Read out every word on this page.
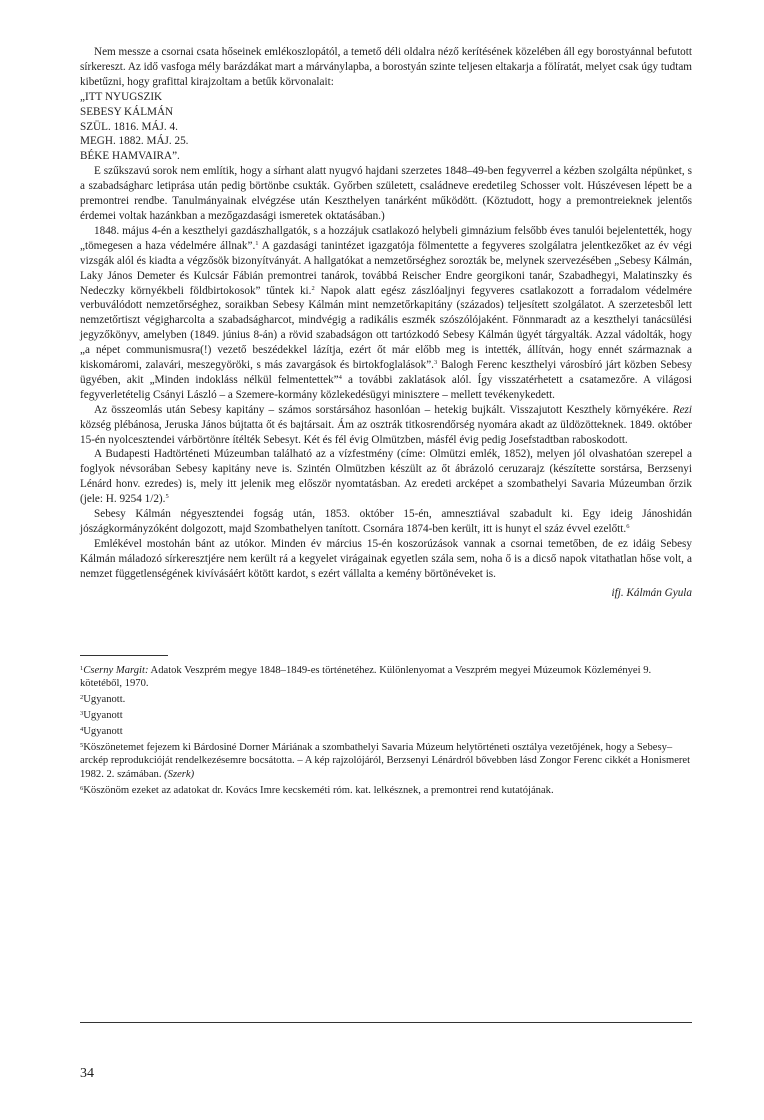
Nem messze a csornai csata hőseinek emlékoszlopától, a temető déli oldalra néző kerítésének közelében áll egy borostyánnal befutott sírkereszt. Az idő vasfoga mély barázdákat mart a márványlapba, a borostyán szinte teljesen eltakarja a fölíratát, melyet csak úgy tudtam kibetűzni, hogy grafittal kirajzoltam a betűk körvonalait:

„ITT NYUGSZIK

SEBESY KÁLMÁN

SZÜL. 1816. MÁJ. 4.

MEGH. 1882. MÁJ. 25.

BÉKE HAMVAIRA”.

E szűkszavú sorok nem említik, hogy a sírhant alatt nyugvó hajdani szerzetes 1848–49-ben fegyverrel a kézben szolgálta népünket, s a szabadságharc letiprása után pedig börtönbe csukták. Győrben született, családneve eredetileg Schosser volt. Húszévesen lépett be a premontrei rendbe. Tanulmányainak elvégzése után Keszthelyen tanárként működött. (Köztudott, hogy a premontreieknek jelentős érdemei voltak hazánkban a mezőgazdasági ismeretek oktatásában.)

1848. május 4-én a keszthelyi gazdászhallgatók, s a hozzájuk csatlakozó helybeli gimnázium felsőbb éves tanulói bejelentették, hogy „tömegesen a haza védelmére állnak”.$^1$ A gazdasági tanintézet igazgatója fölmentette a fegyveres szolgálatra jelentkezőket az év végi vizsgák alól és kiadta a végzősök bizonyítványát. A hallgatókat a nemzetőrséghez sorozták be, melynek szervezésében „Sebesy Kálmán, Laky János Demeter és Kulcsár Fábián premontrei tanárok, továbbá Reischer Endre georgikoni tanár, Szabadhegyi, Malatinszky és Nedeczky környékbeli földbirtokosok” tűntek ki.$^2$ Napok alatt egész zászlóaljnyi fegyveres csatlakozott a forradalom védelmére verbuválódott nemzetőrséghez, soraikban Sebesy Kálmán mint nemzetőrkapitány (százados) teljesített szolgálatot. A szerzetesből lett nemzetőrtiszt végigharcolta a szabadságharcot, mindvégig a radikális eszmék szószólójaként. Fönnmaradt az a keszthelyi tanácsülési jegyzőkönyv, amelyben (1849. június 8-án) a rövid szabadságon ott tartózkodó Sebesy Kálmán ügyét tárgyalták. Azzal vádolták, hogy „a népet communismusra(!) vezető beszédekkel lázítja, ezért őt már előbb meg is intették, állítván, hogy ennét származnak a kiskomáromi, zalavári, meszegyöröki, s más zavargások és birtokfoglalások”.$^3$ Balogh Ferenc keszthelyi városbíró járt közben Sebesy ügyében, akit „Minden indokláss nélkül felmentettek”$^4$ a további zaklatások alól. Így visszatérhetett a csatamezőre. A világosi fegyverletételig Csányi László – a Szemere-kormány közlekedésügyi minisztere – mellett tevékenykedett.

Az összeomlás után Sebesy kapitány – számos sorstársához hasonlóan – hetekig bujkált. Visszajutott Keszthely környékére. Rezi község plébánosa, Jeruska János bújtatta őt és bajtársait. Ám az osztrák titkosrendőrség nyomára akadt az üldözötteknek. 1849. október 15-én nyolcesztendei várbörtönre ítélték Sebesyt. Két és fél évig Olmützben, másfél évig pedig Josefstadtban raboskodott.

A Budapesti Hadtörténeti Múzeumban található az a vízfestmény (címe: Olmützi emlék, 1852), melyen jól olvashatóan szerepel a foglyok névsorában Sebesy kapitány neve is. Szintén Olmützben készült az őt ábrázoló ceruzarajz (készítette sorstársa, Berzsenyi Lénárd honv. ezredes) is, mely itt jelenik meg először nyomtatásban. Az eredeti arcképet a szombathelyi Savaria Múzeumban őrzik (jele: H. 9254 1/2).$^5$

Sebesy Kálmán négyesztendei fogság után, 1853. október 15-én, amnesztiával szabadult ki. Egy ideig Jánoshidán jószágkormányzóként dolgozott, majd Szombathelyen tanított. Csornára 1874-ben került, itt is hunyt el száz évvel ezelőtt.$^6$

Emlékével mostohán bánt az utókor. Minden év március 15-én koszorúzások vannak a csornai temetőben, de ez idáig Sebesy Kálmán máladozó sírkeresztjére nem került rá a kegyelet virágainak egyetlen szála sem, noha ő is a dicső napok vitathatlan hőse volt, a nemzet függetlenségének kivívásáért kötött kardot, s ezért vállalta a kemény börtönéveket is.

ifj. Kálmán Gyula

$^1$Cserny Margit: Adatok Veszprém megye 1848–1849-es történetéhez. Különlenyomat a Veszprém megyei Múzeumok Közleményei 9. kötetéből, 1970.

$^2$Ugyanott.

$^3$Ugyanott

$^4$Ugyanott

$^5$Köszönetemet fejezem ki Bárdosiné Dorner Máriának a szombathelyi Savaria Múzeum helytörténeti osztálya vezetőjének, hogy a Sebesy–arckép reprodukcióját rendelkezésemre bocsátotta. – A kép rajzolójáról, Berzsenyi Lénárdról bővebben lásd Zongor Ferenc cikkét a Honismeret 1982. 2. számában. (Szerk)

$^6$Köszönöm ezeket az adatokat dr. Kovács Imre kecskeméti róm. kat. lelkésznek, a premontrei rend kutatójának.

34
